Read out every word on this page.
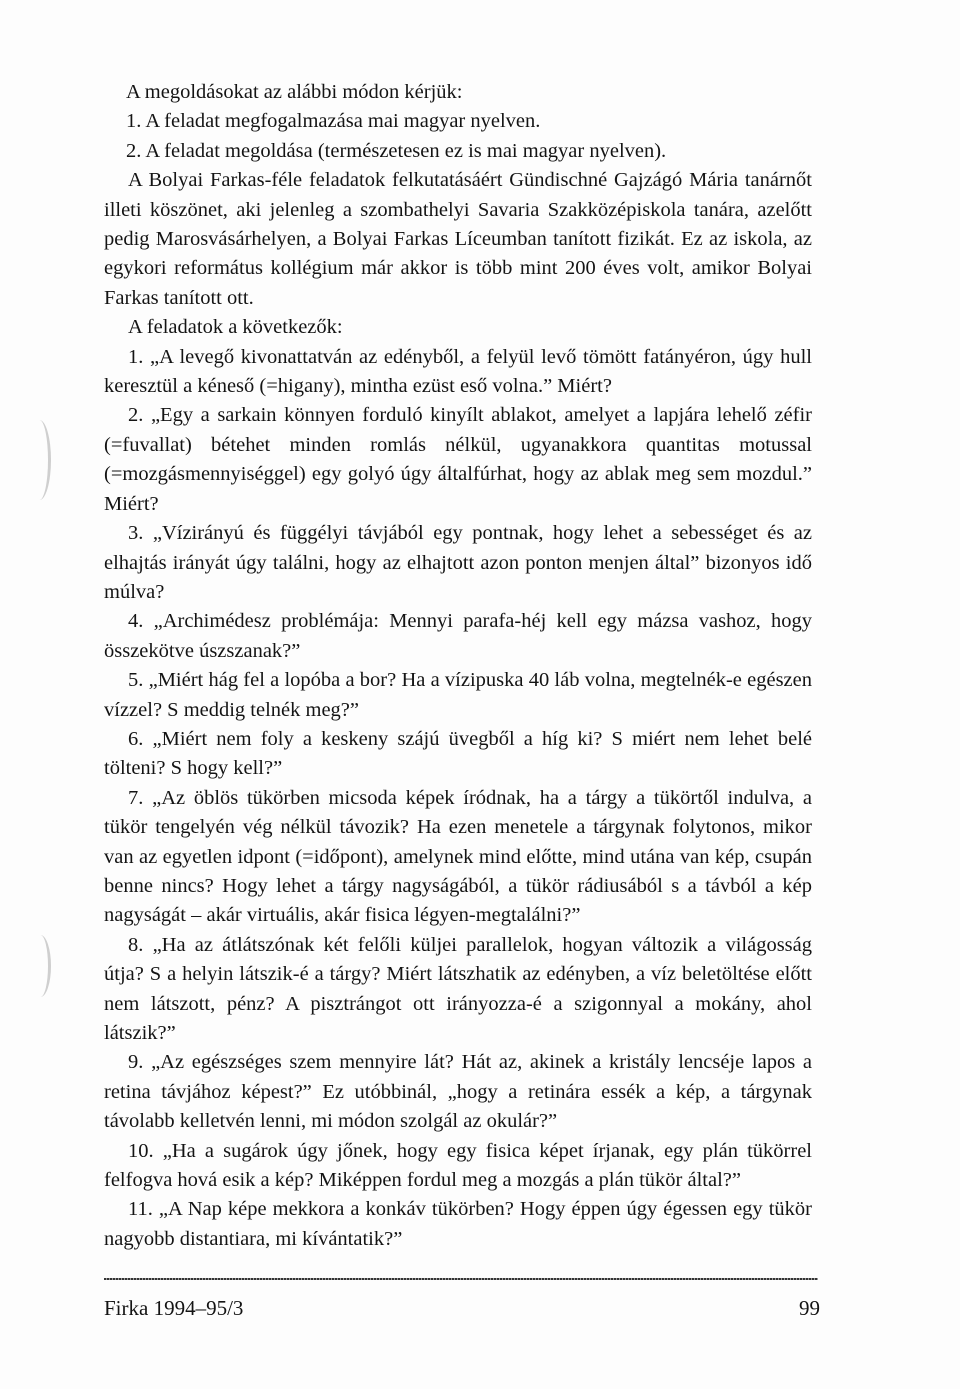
A megoldásokat az alábbi módon kérjük:

1. A feladat megfogalmazása mai magyar nyelven.

2. A feladat megoldása (természetesen ez is mai magyar nyelven).

A Bolyai Farkas-féle feladatok felkutatásáért Gündischné Gajzágó Mária tanárnőt illeti köszönet, aki jelenleg a szombathelyi Savaria Szakközépiskola tanára, azelőtt pedig Marosvásárhelyen, a Bolyai Farkas Líceumban tanított fizikát. Ez az iskola, az egykori református kollégium már akkor is több mint 200 éves volt, amikor Bolyai Farkas tanított ott.

A feladatok a következők:

1. „A levegő kivonattatván az edényből, a felyül levő tömött fatányéron, úgy hull keresztül a kéneső (=higany), mintha ezüst eső volna.” Miért?

2. „Egy a sarkain könnyen forduló kinyílt ablakot, amelyet a lapjára lehelő zéfir (=fuvallat) bétehet minden romlás nélkül, ugyanakkora quantitas motussal (=mozgásmennyiséggel) egy golyó úgy általfúrhat, hogy az ablak meg sem mozdul.” Miért?

3. „Vízirányú és függélyi távjából egy pontnak, hogy lehet a sebességet és az elhajtás irányát úgy találni, hogy az elhajtott azon ponton menjen által” bizonyos idő múlva?

4. „Archimédesz problémája: Mennyi parafa-héj kell egy mázsa vashoz, hogy összekötve úszszanak?”

5. „Miért hág fel a lopóba a bor? Ha a vízipuska 40 láb volna, megtelnék-e egészen vízzel? S meddig telnék meg?”

6. „Miért nem foly a keskeny szájú üvegből a híg ki? S miért nem lehet belé tölteni? S hogy kell?”

7. „Az öblös tükörben micsoda képek íródnak, ha a tárgy a tükörtől indulva, a tükör tengelyén vég nélkül távozik? Ha ezen menetele a tárgynak folytonos, mikor van az egyetlen idpont (=időpont), amelynek mind előtte, mind utána van kép, csupán benne nincs? Hogy lehet a tárgy nagyságából, a tükör rádiusából s a távból a kép nagyságát – akár virtuális, akár fisica légyen-megtalálni?”

8. „Ha az átlátszónak két felőli küljei parallelok, hogyan változik a világosság útja? S a helyin látszik-é a tárgy? Miért látszhatik az edényben, a víz beletöltése előtt nem látszott, pénz? A pisztrángot ott irányozza-é a szigonnyal a mokány, ahol látszik?”

9. „Az egészséges szem mennyire lát? Hát az, akinek a kristály lencséje lapos a retina távjához képest?” Ez utóbbinál, „hogy a retinára essék a kép, a tárgynak távolabb kelletvén lenni, mi módon szolgál az okulár?”

10. „Ha a sugárok úgy jőnek, hogy egy fisica képet írjanak, egy plán tükörrel felfogva hová esik a kép? Miképpen fordul meg a mozgás a plán tükör által?”

11. „A Nap képe mekkora a konkáv tükörben? Hogy éppen úgy égessen egy tükör nagyobb distantiara, mi kívántatik?”

Firka 1994–95/3	99
